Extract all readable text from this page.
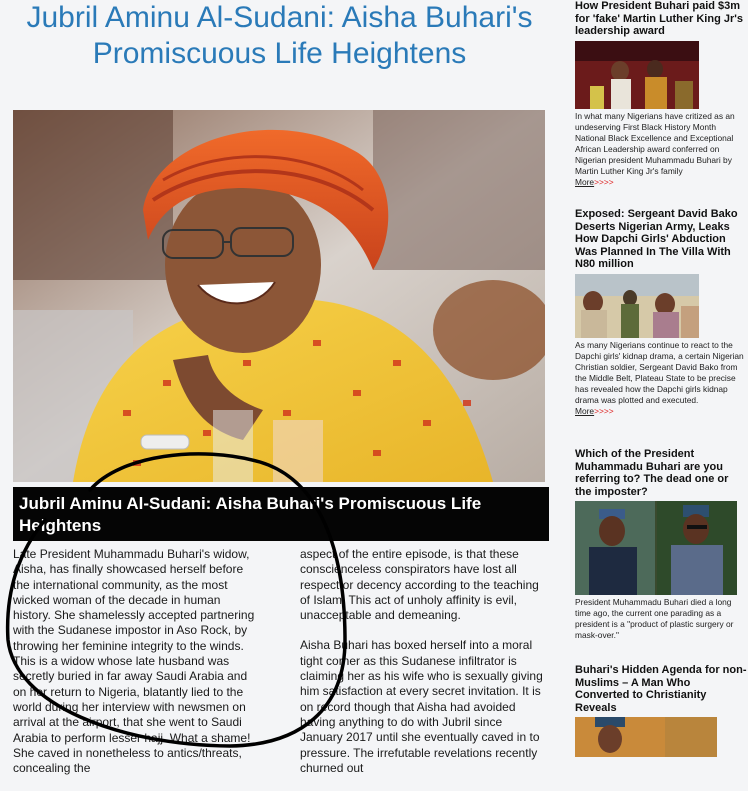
Jubril Aminu Al-Sudani: Aisha Buhari's Promiscuous Life Heightens
Jubril Aminu Al-Sudani: Aisha Buhari's Promiscuous Life Heightens

Late President Muhammadu Buhari's widow, Aisha, has finally showcased herself before the international community, as the most wicked woman of the decade in human history. She shamelessly accepted partnering with the Sudanese impostor in Aso Rock, by throwing her feminine integrity to the winds. This is a widow whose late husband was secretly buried in far away Saudi Arabia and on her return to Nigeria, blatantly lied to the world during her interview with newsmen on arrival at the airport, that she went to Saudi Arabia to perform lesser hajj. What a shame! She caved in nonetheless to antics/threats, concealing the

aspect of the entire episode, is that these conscienceless conspirators have lost all respect or decency according to the teaching of Islam. This act of unholy affinity is evil, unacceptable and demeaning.

Aisha Buhari has boxed herself into a moral tight corner as this Sudanese infiltrator is claiming her as his wife who is sexually giving him satisfaction at every secret invitation. It is on record though that Aisha had avoided having anything to do with Jubril since January 2017 until she eventually caved in to pressure. The irrefutable revelations recently churned out

How President Buhari paid $3m for 'fake' Martin Luther King Jr's leadership award

In what many Nigerians have critized as an undeserving First Black History Month National Black Excellence and Exceptional African Leadership award conferred on Nigerian president Muhammadu Buhari by Martin Luther King Jr's family

More>>>>

Exposed: Sergeant David Bako Deserts Nigerian Army, Leaks How Dapchi Girls' Abduction Was Planned In The Villa With N80 million

As many Nigerians continue to react to the Dapchi girls' kidnap drama, a certain Nigerian Christian soldier, Sergeant David Bako from the Middle Belt, Plateau State to be precise has revealed how the Dapchi girls kidnap drama was plotted and executed.

More>>>>

Which of the President Muhammadu Buhari are you referring to? The dead one or the imposter?

President Muhammadu Buhari died a long time ago, the current one parading as a president is a "product of plastic surgery or mask-over."

Buhari's Hidden Agenda for non-Muslims – A Man Who Converted to Christianity Reveals
